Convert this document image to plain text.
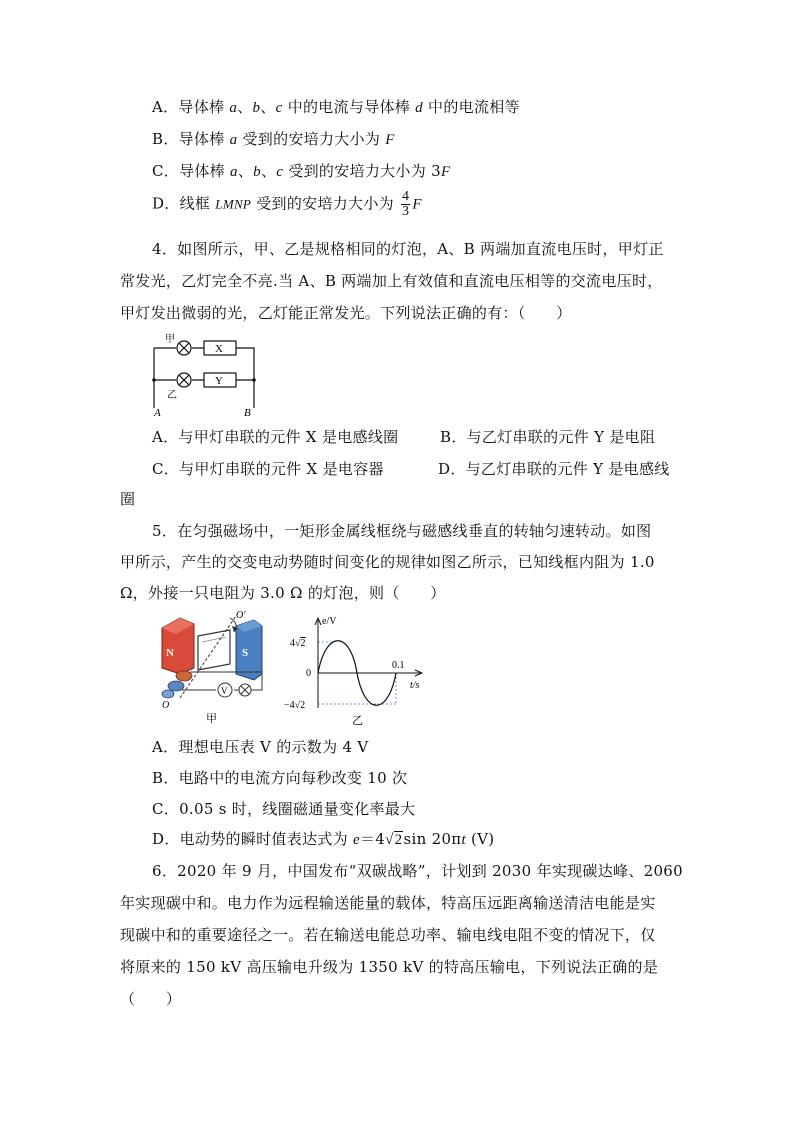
A．导体棒 a、b、c 中的电流与导体棒 d 中的电流相等
B．导体棒 a 受到的安培力大小为 F
C．导体棒 a、b、c 受到的安培力大小为 3F
D．线框 LMNP 受到的安培力大小为 $\frac{4}{3}$ F
4．如图所示，甲、乙是规格相同的灯泡，A、B 两端加直流电压时，甲灯正
常发光，乙灯完全不亮.当 A、B 两端加上有效值和直流电压相等的交流电压时，
甲灯发出微弱的光，乙灯能正常发光。下列说法正确的有：（　　）
甲
乙
X
Y
A	B
A．与甲灯串联的元件 X 是电感线圈	B．与乙灯串联的元件 Y 是电阻
C．与甲灯串联的元件 X 是电容器	D．与乙灯串联的元件 Y 是电感线
圈
5．在匀强磁场中，一矩形金属线框绕与磁感线垂直的转轴匀速转动。如图
甲所示，产生的交变电动势随时间变化的规律如图乙所示，已知线框内阻为 1.0
Ω，外接一只电阻为 3.0 Ω 的灯泡，则（　　）
N	S
O′
O
V
甲
e/V
4√2
−4√2
0
0.1
t/s
乙
A．理想电压表 V 的示数为 4 V
B．电路中的电流方向每秒改变 10 次
C．0.05 s 时，线圈磁通量变化率最大
D．电动势的瞬时值表达式为 e＝4√2sin 20πt (V)
6．2020 年 9 月，中国发布“双碳战略”，计划到 2030 年实现碳达峰、2060
年实现碳中和。电力作为远程输送能量的载体，特高压远距离输送清洁电能是实
现碳中和的重要途径之一。若在输送电能总功率、输电线电阻不变的情况下，仅
将原来的 150 kV 高压输电升级为 1350 kV 的特高压输电，下列说法正确的是
（　　）
